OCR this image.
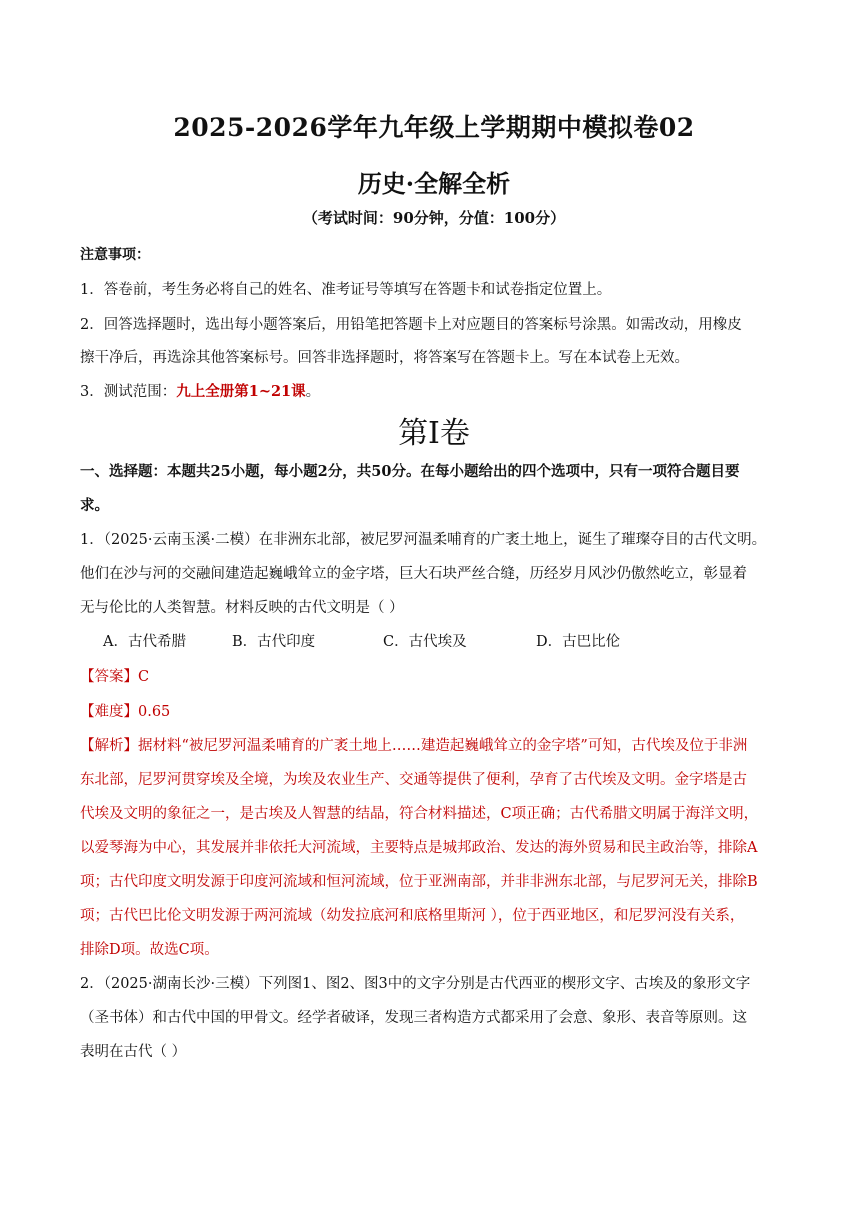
2025-2026学年九年级上学期期中模拟卷02
历史·全解全析
（考试时间：90分钟，分值：100分）
注意事项：
1．答卷前，考生务必将自己的姓名、准考证号等填写在答题卡和试卷指定位置上。
2．回答选择题时，选出每小题答案后，用铅笔把答题卡上对应题目的答案标号涂黑。如需改动，用橡皮
擦干净后，再选涂其他答案标号。回答非选择题时，将答案写在答题卡上。写在本试卷上无效。
3．测试范围：九上全册第1~21课。
第I卷
一、选择题：本题共25小题，每小题2分，共50分。在每小题给出的四个选项中，只有一项符合题目要
求。
1．（2025·云南玉溪·二模）在非洲东北部，被尼罗河温柔哺育的广袤土地上，诞生了璀璨夺目的古代文明。
他们在沙与河的交融间建造起巍峨耸立的金字塔，巨大石块严丝合缝，历经岁月风沙仍傲然屹立，彰显着
无与伦比的人类智慧。材料反映的古代文明是（ ）
A．古代希腊	B．古代印度	C．古代埃及	D．古巴比伦
【答案】C
【难度】0.65
【解析】据材料“被尼罗河温柔哺育的广袤土地上……建造起巍峨耸立的金字塔”可知，古代埃及位于非洲
东北部，尼罗河贯穿埃及全境，为埃及农业生产、交通等提供了便利，孕育了古代埃及文明。金字塔是古
代埃及文明的象征之一，是古埃及人智慧的结晶，符合材料描述，C项正确；古代希腊文明属于海洋文明，
以爱琴海为中心，其发展并非依托大河流域，主要特点是城邦政治、发达的海外贸易和民主政治等，排除A
项；古代印度文明发源于印度河流域和恒河流域，位于亚洲南部，并非非洲东北部，与尼罗河无关，排除B
项；古代巴比伦文明发源于两河流域（幼发拉底河和底格里斯河 ），位于西亚地区，和尼罗河没有关系，
排除D项。故选C项。
2．（2025·湖南长沙·三模）下列图1、图2、图3中的文字分别是古代西亚的楔形文字、古埃及的象形文字
（圣书体）和古代中国的甲骨文。经学者破译，发现三者构造方式都采用了会意、象形、表音等原则。这
表明在古代（ ）
